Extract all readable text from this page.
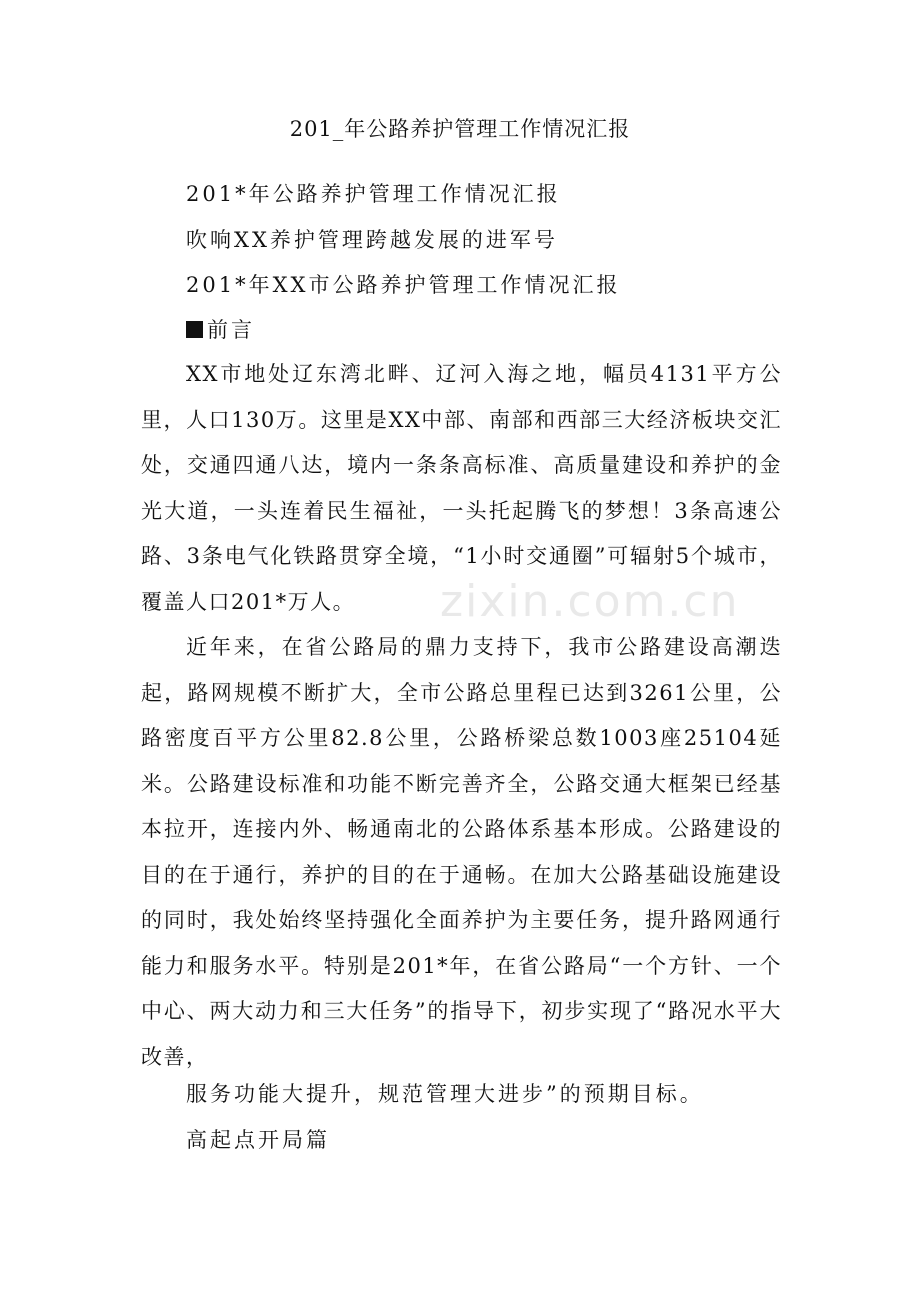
zixin.com.cn
201_年公路养护管理工作情况汇报
201*年公路养护管理工作情况汇报
吹响XX养护管理跨越发展的进军号
201*年XX市公路养护管理工作情况汇报
前言

XX市地处辽东湾北畔、辽河入海之地，幅员4131平方公里，人口130万。这里是XX中部、南部和西部三大经济板块交汇处，交通四通八达，境内一条条高标准、高质量建设和养护的金光大道，一头连着民生福祉，一头托起腾飞的梦想！3条高速公路、3条电气化铁路贯穿全境，“1小时交通圈”可辐射5个城市，覆盖人口201*万人。

近年来，在省公路局的鼎力支持下，我市公路建设高潮迭起，路网规模不断扩大，全市公路总里程已达到3261公里，公路密度百平方公里82.8公里，公路桥梁总数1003座25104延米。公路建设标准和功能不断完善齐全，公路交通大框架已经基本拉开，连接内外、畅通南北的公路体系基本形成。公路建设的目的在于通行，养护的目的在于通畅。在加大公路基础设施建设的同时，我处始终坚持强化全面养护为主要任务，提升路网通行能力和服务水平。特别是201*年，在省公路局“一个方针、一个中心、两大动力和三大任务”的指导下，初步实现了“路况水平大改善，

服务功能大提升，规范管理大进步”的预期目标。
高起点开局篇
